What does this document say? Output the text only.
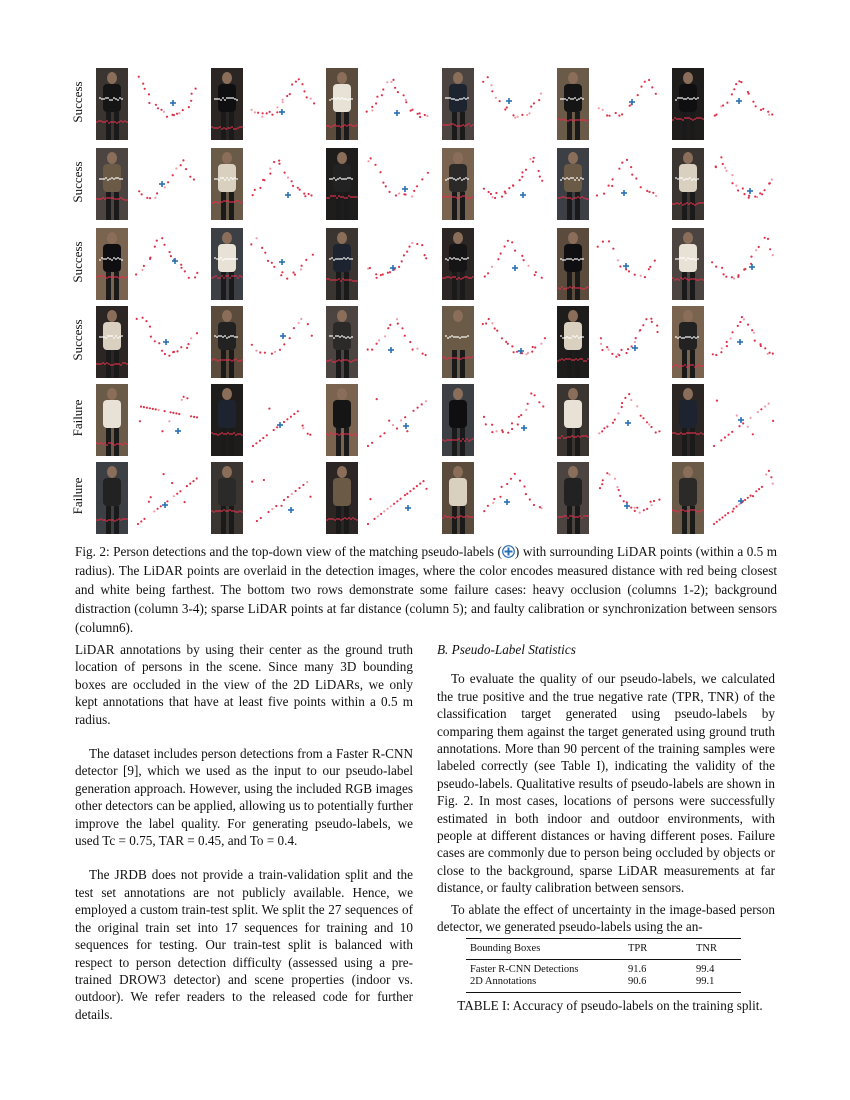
Success
Success
Success
Success
Failure
Failure
Fig. 2: Person detections and the top-down view of the matching pseudo-labels ( ) with surrounding LiDAR points (within a 0.5 m radius). The LiDAR points are overlaid in the detection images, where the color encodes measured distance with red being closest and white being farthest. The bottom two rows demonstrate some failure cases: heavy occlusion (columns 1-2); background distraction (column 3-4); sparse LiDAR points at far distance (column 5); and faulty calibration or synchronization between sensors (column6).

LiDAR annotations by using their center as the ground truth location of persons in the scene. Since many 3D bounding boxes are occluded in the view of the 2D LiDARs, we only kept annotations that have at least five points within a 0.5 m radius.

The dataset includes person detections from a Faster R-CNN detector [9], which we used as the input to our pseudo-label generation approach. However, using the included RGB images other detectors can be applied, allowing us to potentially further improve the label quality. For generating pseudo-labels, we used Tc = 0.75, TAR = 0.45, and To = 0.4.

The JRDB does not provide a train-validation split and the test set annotations are not publicly available. Hence, we employed a custom train-test split. We split the 27 sequences of the original train set into 17 sequences for training and 10 sequences for testing. Our train-test split is balanced with respect to person detection difficulty (assessed using a pre-trained DROW3 detector) and scene properties (indoor vs. outdoor). We refer readers to the released code for further details.

B. Pseudo-Label Statistics

To evaluate the quality of our pseudo-labels, we calculated the true positive and the true negative rate (TPR, TNR) of the classification target generated using pseudo-labels by comparing them against the target generated using ground truth annotations. More than 90 percent of the training samples were labeled correctly (see Table I), indicating the validity of the pseudo-labels. Qualitative results of pseudo-labels are shown in Fig. 2. In most cases, locations of persons were successfully estimated in both indoor and outdoor environments, with people at different distances or having different poses. Failure cases are commonly due to person being occluded by objects or close to the background, sparse LiDAR measurements at far distance, or faulty calibration between sensors.

To ablate the effect of uncertainty in the image-based person detector, we generated pseudo-labels using the an-

Bounding Boxes	TPR	TNR
Faster R-CNN Detections	91.6	99.4
2D Annotations	90.6	99.1
TABLE I: Accuracy of pseudo-labels on the training split.
